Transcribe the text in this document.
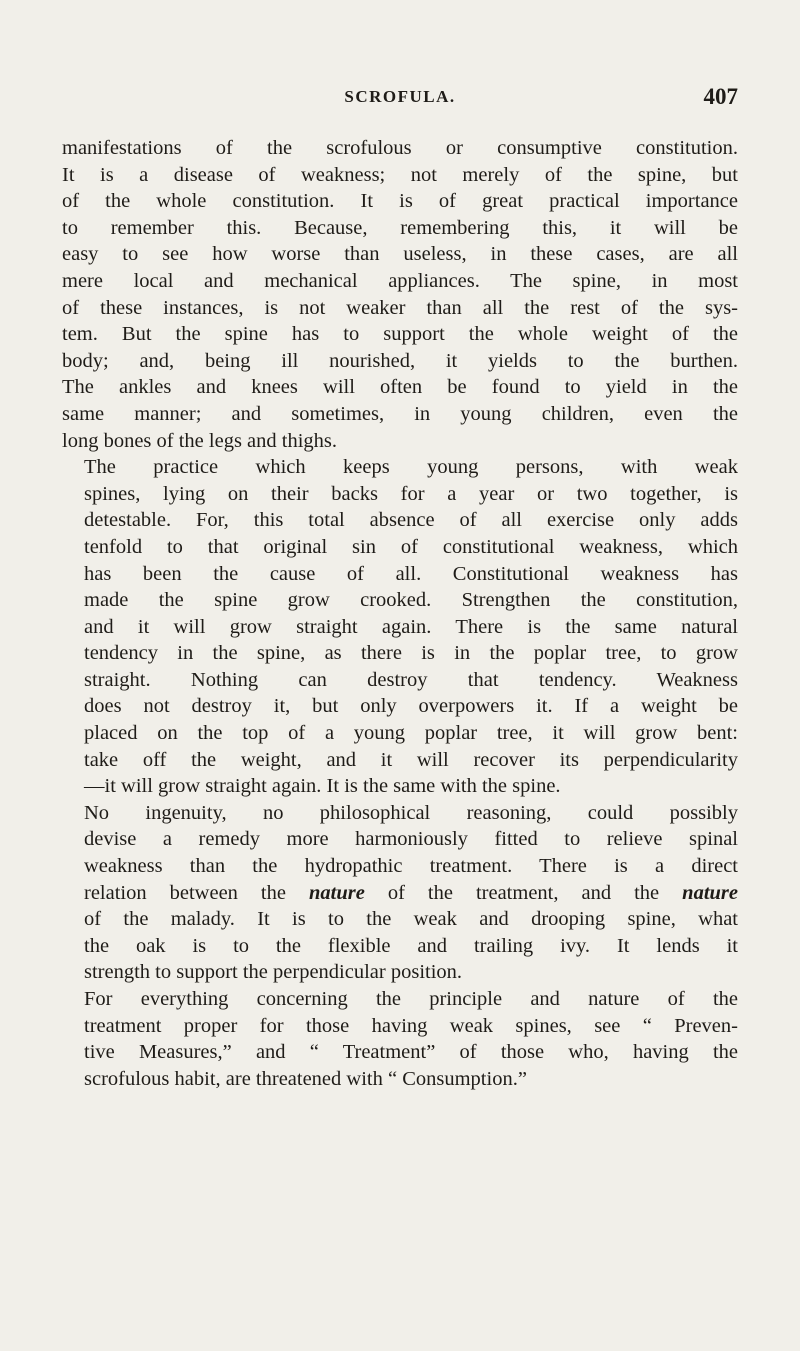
SCROFULA.	407
manifestations of the scrofulous or consumptive constitution.
It is a disease of weakness; not merely of the spine, but
of the whole constitution. It is of great practical importance
to remember this. Because, remembering this, it will be
easy to see how worse than useless, in these cases, are all
mere local and mechanical appliances. The spine, in most
of these instances, is not weaker than all the rest of the sys-
tem. But the spine has to support the whole weight of the
body; and, being ill nourished, it yields to the burthen.
The ankles and knees will often be found to yield in the
same manner; and sometimes, in young children, even the
long bones of the legs and thighs.
The practice which keeps young persons, with weak
spines, lying on their backs for a year or two together, is
detestable. For, this total absence of all exercise only adds
tenfold to that original sin of constitutional weakness, which
has been the cause of all. Constitutional weakness has
made the spine grow crooked. Strengthen the constitution,
and it will grow straight again. There is the same natural
tendency in the spine, as there is in the poplar tree, to grow
straight. Nothing can destroy that tendency. Weakness
does not destroy it, but only overpowers it. If a weight be
placed on the top of a young poplar tree, it will grow bent:
take off the weight, and it will recover its perpendicularity
—it will grow straight again. It is the same with the spine.
No ingenuity, no philosophical reasoning, could possibly
devise a remedy more harmoniously fitted to relieve spinal
weakness than the hydropathic treatment. There is a direct
relation between the nature of the treatment, and the nature
of the malady. It is to the weak and drooping spine, what
the oak is to the flexible and trailing ivy. It lends it
strength to support the perpendicular position.
For everything concerning the principle and nature of the
treatment proper for those having weak spines, see “ Preven-
tive Measures,” and “ Treatment” of those who, having the
scrofulous habit, are threatened with “ Consumption.”
